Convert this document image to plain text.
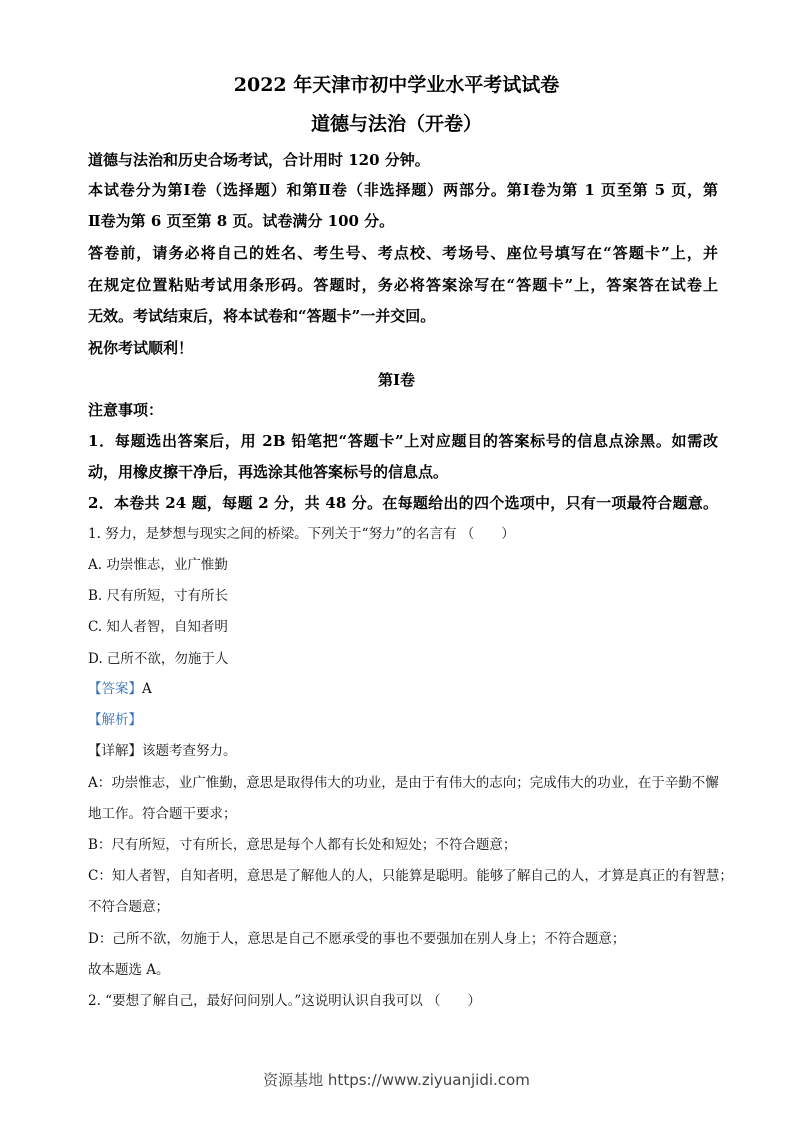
2022 年天津市初中学业水平考试试卷
道德与法治（开卷）
道德与法治和历史合场考试，合计用时 120 分钟。
本试卷分为第Ⅰ卷（选择题）和第Ⅱ卷（非选择题）两部分。第Ⅰ卷为第 1 页至第 5 页，第
Ⅱ卷为第 6 页至第 8 页。试卷满分 100 分。
答卷前，请务必将自己的姓名、考生号、考点校、考场号、座位号填写在“答题卡”上，并
在规定位置粘贴考试用条形码。答题时，务必将答案涂写在“答题卡”上，答案答在试卷上
无效。考试结束后，将本试卷和“答题卡”一并交回。
祝你考试顺利！
第Ⅰ卷
注意事项：
1．每题选出答案后，用 2B 铅笔把“答题卡”上对应题目的答案标号的信息点涂黑。如需改
动，用橡皮擦干净后，再选涂其他答案标号的信息点。
2．本卷共 24 题，每题 2 分，共 48 分。在每题给出的四个选项中，只有一项最符合题意。
1. 努力，是梦想与现实之间的桥梁。下列关于“努力”的名言有 （　　）
A. 功崇惟志，业广惟勤
B. 尺有所短，寸有所长
C. 知人者智，自知者明
D. 己所不欲，勿施于人
【答案】A
【解析】
【详解】该题考查努力。
A：功崇惟志，业广惟勤，意思是取得伟大的功业，是由于有伟大的志向；完成伟大的功业，在于辛勤不懈
地工作。符合题干要求；
B：尺有所短，寸有所长，意思是每个人都有长处和短处；不符合题意；
C：知人者智，自知者明，意思是了解他人的人，只能算是聪明。能够了解自己的人，才算是真正的有智慧；
不符合题意；
D：己所不欲，勿施于人，意思是自己不愿承受的事也不要强加在别人身上；不符合题意；
故本题选 A。
2. “要想了解自己，最好问问别人。”这说明认识自我可以 （　　）
资源基地 https://www.ziyuanjidi.com
